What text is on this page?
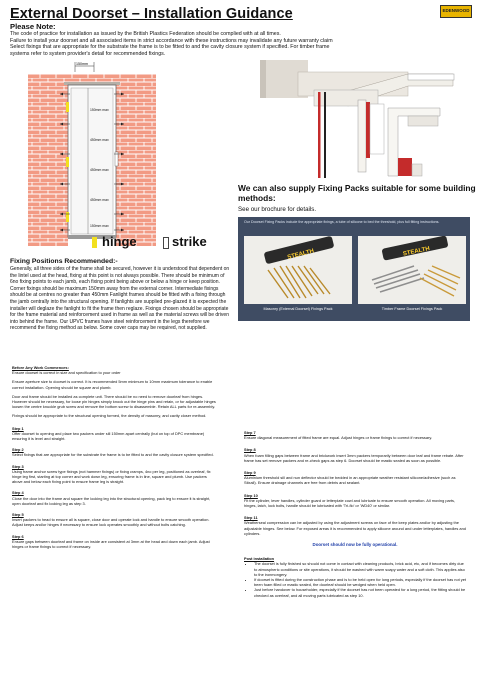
External Doorset – Installation Guidance	EDENWOOD
Please Note:
The code of practice for installation as issued by the British Plastics Federation should be complied with at all times.
Failure to install your doorset and all associated items in strict accordance with these instructions may invalidate any future warranty claim
Select fixings that are appropriate for the substrate the frame is to be fitted to and the cavity closure system if specified. For timber frame
systems refer to system provider's detail for recommended fixings.
150mm
150mm max
450mm max
450mm max
450mm max
150mm max
hinge	strike
We can also supply Fixing Packs suitable for some building methods:
See our brochure for details.
Our Doorset Fixing Packs include the appropriate fixings, a tube of silicone to bed the threshold, plus full fitting instructions.
STEALTH
Masonry (External Doorset) Fixings Pack
STEALTH
Timber Frame Doorset Fixings Pack
Fixing Positions Recommended:-
Generally, all three sides of the frame shall be secured, however it is understood that dependent on the lintel used at the head, fixing at this point is not always possible. There should be minimum of 6no fixing points to each jamb, each fixing point being above or below a hinge or keep position. Corner fixings should be maximum 150mm away from the external corner. Intermediate fixings should be at centres no greater than 450mm Fanlight frames should be fitted with a fixing through the jamb centrally into the structural opening. If fanlights are supplied pre-glazed it is expected the installer will deglaze the fanlight to fit the frame then reglaze. Fixings chosen should be appropriate for the frame material and reinforcement used in frame as well as the material screws will be driven into behind the frame. Our UPVC frames have steel reinforcement in the legs therefore we recommend the fixing method as below. Some cover caps may be required, not supplied.

Before Any Work Commences:

Ensure doorset is correct in size and specification to your order

Ensure aperture size to doorset is correct. It is recommended 5mm minimum to 10mm maximum tolerance to enable correct installation. Opening should be square and plumb.

Door and frame should be installed as complete unit. There should be no need to remove doorleaf from hinges. However should be necessary, for loose pin hinges simply knock out the hinge pins and retain, or for adjustable hinges loosen the centre knuckle grub screw and remove the bottom screw to disassemble. Retain ALL parts for re-assembly.

Fixings should be appropriate to the structural opening formed, the density of masonry, and cavity closer method.

Step 1

Offer doorset to opening and place two packers under sill 150mm apart centrally (but on top of DPC membrane) ensuring it is level and straight.

Step 2

Select fixings that are appropriate for the substrate the frame is to be fitted to and the cavity closure system specified.

Step 3

Using frame anchor screw type fixings (not hammer fixings) or fixing cramps, 4no per leg, positioned as overleaf, fix hinge leg first, starting at top corner and work down leg, ensuring frame is in line, square and plumb. Use packers above and below each fixing point to ensure frame leg is straight.

Step 4

Close the door into the frame and square the locking leg into the structural opening, pack leg to ensure it is straight, open doorleaf and fix locking leg as step 3.

Step 5

Insert packers to head to ensure all is square, close door and operate lock and handle to ensure smooth operation. Adjust keeps and/or hinges if necessary to ensure lock operates smoothly and without bolts catching.

Step 6

Ensure gaps between doorleaf and frame on inside are consistent at 3mm at the head and down each jamb. Adjust hinges or frame fixings to correct if necessary.

Step 7

Ensure diagonal measurement of fitted frame are equal. Adjust hinges or frame fixings to correct if necessary.

Step 8

When foam filling gaps between frame and brickwork insert 3mm packers temporarily between door leaf and frame rebate. After frame has set remove packers and re-check gaps as step 6. Doorset should be mastic sealed as soon as possible.

Step 9

Aluminium threshold sill and nun deflector should be bedded in an appropriate weather resistant silicone/adhesive (such as Stixall). Ensure drainage channels are free from debris and sealant.

Step 10

Fit the cylinder, lever handles, cylinder guard or letterplate cowl and lubricate to ensure smooth operation. All moving parts, hinges, latch, lock bolts, handle should be lubricated with 'Tri-flo' or 'WD40' or similar.

Step 11

Weatherseal compression can be adjusted by using the adjustment screws on face of the keep plates and/or by adjusting the adjustable hinges. See below. For exposed areas it is recommended to apply silicone around and under letterplates, handles and cylinders.

Doorset should now be fully operational.

Post installation

• The doorset is fully finished so should not come in contact with cleaning products, brick acid, etc, and if becomes dirty due to atmospheric conditions or site operations, it should be washed with warm soapy water and a soft cloth. This applies also to the ironmongery.
• If doorset is fitted during the construction phase and is to be held open for long periods, especially if the doorset has not yet been foam filled or mastic sealed, the doorleaf should be wedged when held open.
• Just before handover to householder, especially if the doorset has not been operated for a long period, the fitting should be checked as overleaf, and all moving parts lubricated as step 10.
